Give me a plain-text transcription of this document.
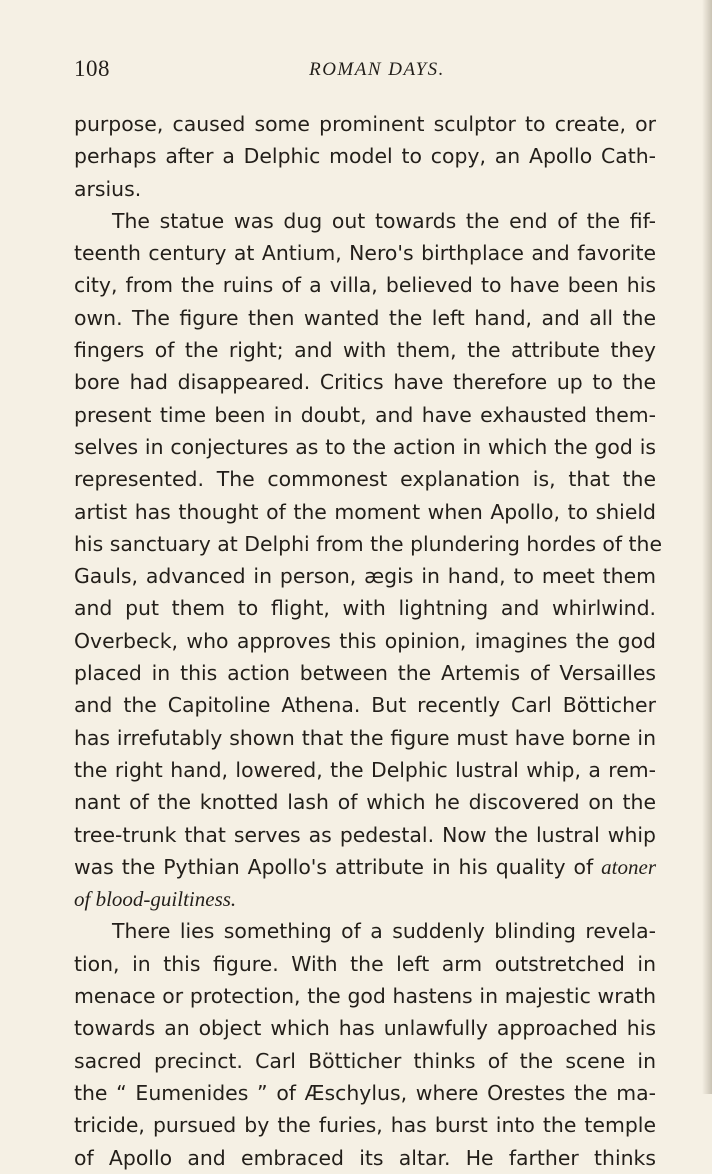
108	ROMAN DAYS.
purpose, caused some prominent sculptor to create, or
perhaps after a Delphic model to copy, an Apollo Cath-
arsius.
The statue was dug out towards the end of the fif-
teenth century at Antium, Nero's birthplace and favorite
city, from the ruins of a villa, believed to have been his
own. The figure then wanted the left hand, and all the
fingers of the right; and with them, the attribute they
bore had disappeared. Critics have therefore up to the
present time been in doubt, and have exhausted them-
selves in conjectures as to the action in which the god is
represented. The commonest explanation is, that the
artist has thought of the moment when Apollo, to shield
his sanctuary at Delphi from the plundering hordes of the
Gauls, advanced in person, ægis in hand, to meet them
and put them to flight, with lightning and whirlwind.
Overbeck, who approves this opinion, imagines the god
placed in this action between the Artemis of Versailles
and the Capitoline Athena. But recently Carl Bötticher
has irrefutably shown that the figure must have borne in
the right hand, lowered, the Delphic lustral whip, a rem-
nant of the knotted lash of which he discovered on the
tree-trunk that serves as pedestal. Now the lustral whip
was the Pythian Apollo's attribute in his quality of atoner
of blood-guiltiness.
There lies something of a suddenly blinding revela-
tion, in this figure. With the left arm outstretched in
menace or protection, the god hastens in majestic wrath
towards an object which has unlawfully approached his
sacred precinct. Carl Bötticher thinks of the scene in
the “ Eumenides ” of Æschylus, where Orestes the ma-
tricide, pursued by the furies, has burst into the temple
of Apollo and embraced its altar. He farther thinks
